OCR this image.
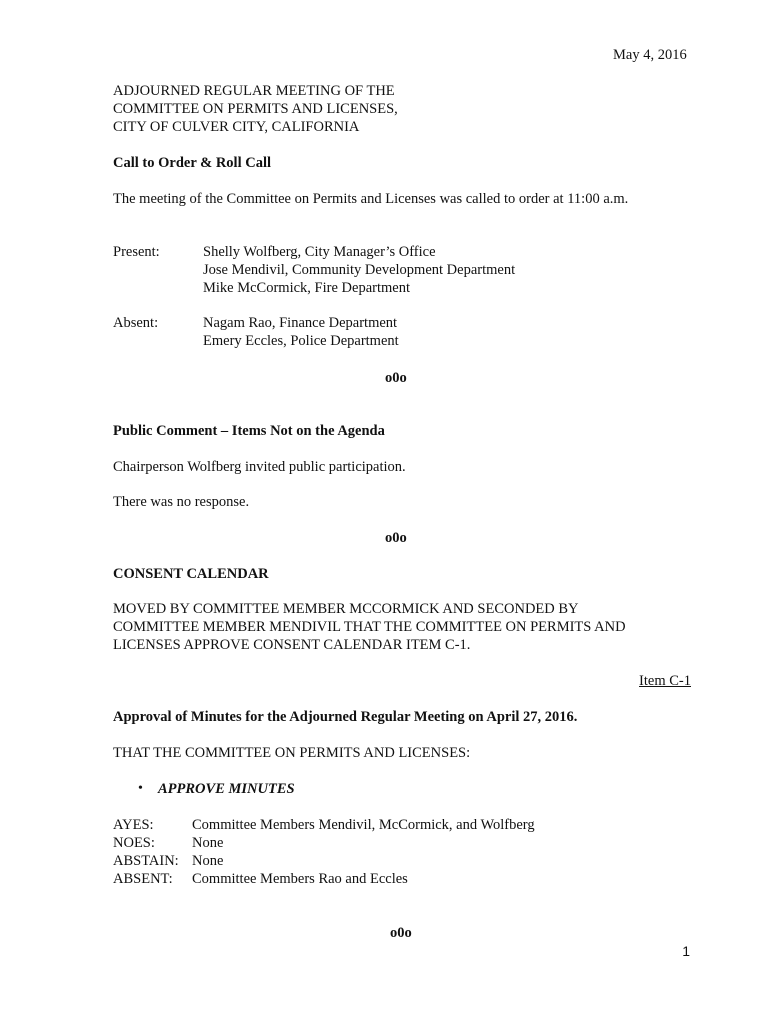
May 4, 2016

ADJOURNED REGULAR MEETING OF THE

COMMITTEE ON PERMITS AND LICENSES,

CITY OF CULVER CITY, CALIFORNIA

Call to Order & Roll Call

The meeting of the Committee on Permits and Licenses was called to order at 11:00 a.m.

Present:	Shelly Wolfberg, City Manager’s Office

Jose Mendivil, Community Development Department

Mike McCormick, Fire Department

Absent:	Nagam Rao, Finance Department

Emery Eccles, Police Department

o0o

Public Comment – Items Not on the Agenda

Chairperson Wolfberg invited public participation.

There was no response.

o0o

CONSENT CALENDAR

MOVED BY COMMITTEE MEMBER MCCORMICK AND SECONDED BY

COMMITTEE MEMBER MENDIVIL THAT THE COMMITTEE ON PERMITS AND

LICENSES APPROVE CONSENT CALENDAR ITEM C-1.

Item C-1

Approval of Minutes for the Adjourned Regular Meeting on April 27, 2016.

THAT THE COMMITTEE ON PERMITS AND LICENSES:

• APPROVE MINUTES

AYES:	Committee Members Mendivil, McCormick, and Wolfberg

NOES:	None

ABSTAIN: None

ABSENT: Committee Members Rao and Eccles

o0o

1
